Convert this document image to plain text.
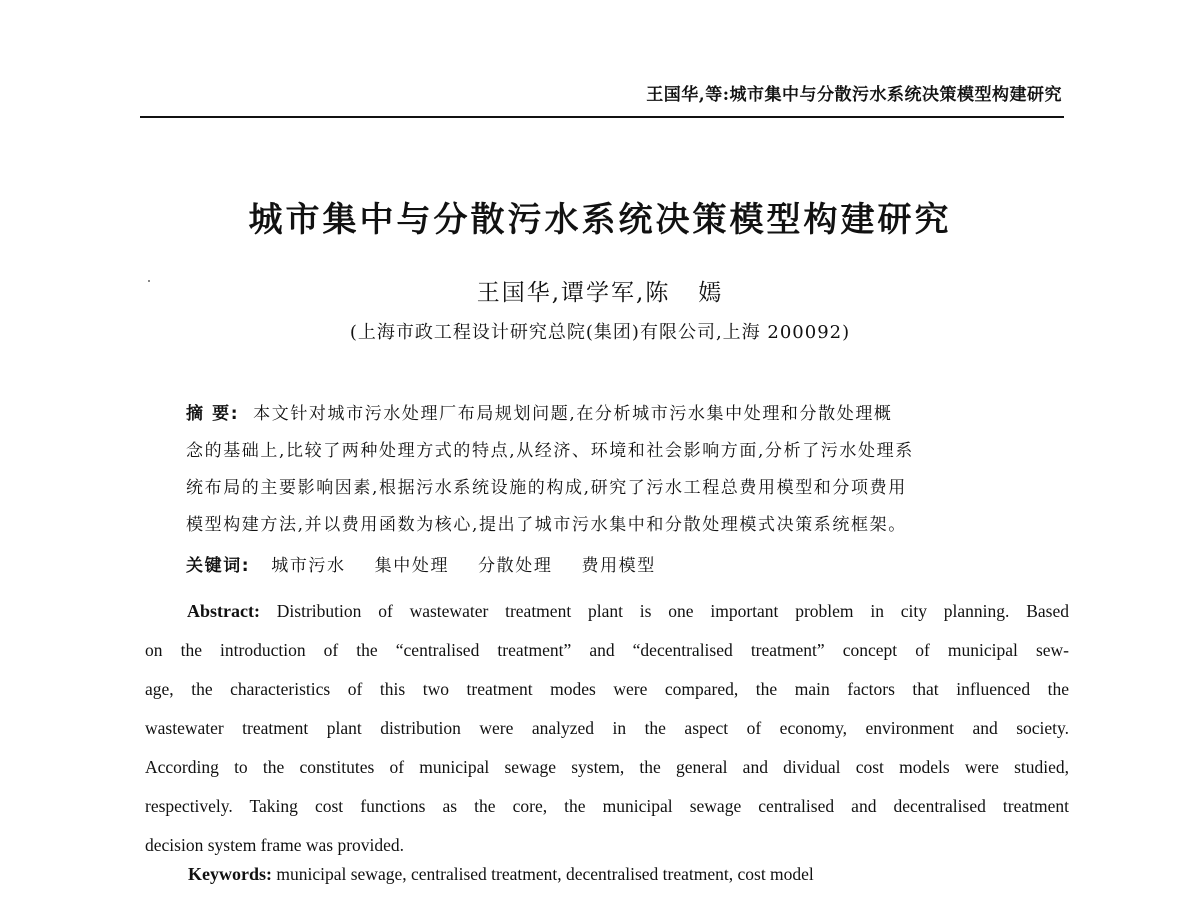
王国华,等:城市集中与分散污水系统决策模型构建研究
城市集中与分散污水系统决策模型构建研究
王国华,谭学军,陈   嫣
(上海市政工程设计研究总院(集团)有限公司,上海 200092)
摘 要: 本文针对城市污水处理厂布局规划问题,在分析城市污水集中处理和分散处理概
念的基础上,比较了两种处理方式的特点,从经济、环境和社会影响方面,分析了污水处理系
统布局的主要影响因素,根据污水系统设施的构成,研究了污水工程总费用模型和分项费用
模型构建方法,并以费用函数为核心,提出了城市污水集中和分散处理模式决策系统框架。
关键词: 城市污水 集中处理 分散处理 费用模型
Abstract: Distribution of wastewater treatment plant is one important problem in city planning. Based
on the introduction of the “centralised treatment” and “decentralised treatment” concept of municipal sew-
age, the characteristics of this two treatment modes were compared, the main factors that influenced the
wastewater treatment plant distribution were analyzed in the aspect of economy, environment and society.
According to the constitutes of municipal sewage system, the general and dividual cost models were studied,
respectively. Taking cost functions as the core, the municipal sewage centralised and decentralised treatment
decision system frame was provided.
Keywords: municipal sewage, centralised treatment, decentralised treatment, cost model
